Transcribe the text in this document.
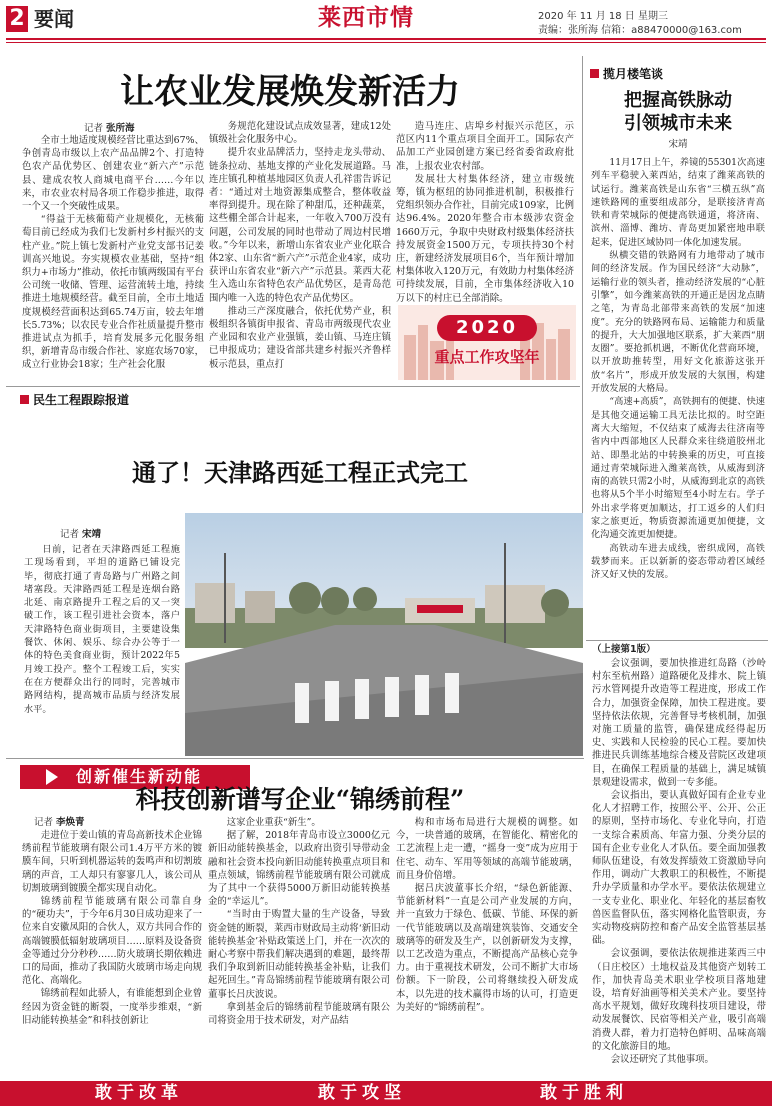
2 要闻	莱西市情	2020 年 11 月 18 日 星期三
责编：张所海 信箱：a88470000@163.com
让农业发展焕发新活力
记者 张所海

全市土地适度规模经营比重达到67%、争创青岛市级以上农产品品牌2个、打造特色农产品优势区、创建农业“新六产”示范县、建成农牧人商城电商平台……今年以来，市农业农村局各项工作稳步推进，取得一个又一个突破性成果。

“得益于无核葡萄产业规模化，无核葡萄目前已经成为我们七发新村乡村振兴的支柱产业。”院上镇七发新村产业党支部书记姜训高兴地说。夯实规模农业基础，坚持“组织力+市场力”推动，依托市镇两级国有平台公司统一收储、管理、运营流转土地，持续推进土地规模经营。截至目前，全市土地适度规模经营面积达到65.74万亩，较去年增长5.73%；以农民专业合作社质量提升整市推进试点为抓手，培育发展多元化服务组织，新增青岛市级合作社、家庭农场70家，成立行业协会18家；生产社会化服

务规范化建设试点成效显著，建成12处镇级社会化服务中心。

提升农业品牌活力，坚持走龙头带动、链条拉动、基地支撑的产业化发展道路。马连庄镇孔种植基地园区负责人孔祥雷告诉记者：“通过对土地资源集成整合，整体收益率得到提升。现在除了种甜瓜，还种蔬菜，这些棚全部合计起来，一年收入700万没有问题，公司发展的同时也带动了周边村民增收。”今年以来，新增山东省农业产业化联合体2家、山东省“新六产”示范企业4家，成功获评山东省农业“新六产”示范县。莱西大花生入选山东省特色农产品优势区，是青岛范围内唯一入选的特色农产品优势区。

推动三产深度融合，依托优势产业，积极组织各镇街申报省、青岛市两级现代农业产业园和农业产业强镇，姜山镇、马连庄镇已申报成功；建设省部共建乡村振兴齐鲁样板示范县，重点打

造马连庄、店埠乡村振兴示范区，示范区内11个重点项目全面开工。国际农产品加工产业园创建方案已经省委省政府批准，上报农业农村部。

发展壮大村集体经济，建立市级统筹，镇为枢纽的协同推进机制，积极推行党组织领办合作社，目前完成109家，比例达96.4%。2020年整合市本级涉农资金1660万元，争取中央财政村级集体经济扶持发展资金1500万元，专项扶持30个村庄，新建经济发展项目6个，当年预计增加村集体收入120万元，有效助力村集体经济可持续发展，目前，全市集体经济收入10万以下的村庄已全部消除。

2020
重点工作攻坚年
揽月楼笔谈
把握高铁脉动
引领城市未来
宋靖

11月17日上午，养镜的55301次高速列车平稳驶入莱西站，结束了潍莱高铁的试运行。潍莱高铁是山东省“三横五纵”高速铁路网的重要组成部分，是联接济青高铁和青荣城际的便捷高铁通道，将济南、滨州、淄博、潍坊、青岛更加紧密地串联起来，促进区域协同一体化加速发展。

纵横交错的铁路网有力地带动了城市间的经济发展。作为国民经济“大动脉”，运输行业的领头者，推动经济发展的“心脏引擎”，如今潍莱高铁的开通正是因龙点睛之笔，为青岛北部带来高铁的发展“加速度”。充分的铁路网布局、运输能力和质量的提升，大大加强地区联系，扩大莱西“朋友圈”。要抢抓机遇，不断优化营商环境，以开放助推转型，用好文化旅游这张开放“名片”，形成开放发展的大氛围，构建开放发展的大格局。

“高速+高质”，高铁拥有的便捷、快速是其他交通运输工具无法比拟的。时空距离大大缩短，不仅结束了威海去往济南等省内中西部地区人民群众来往绕道胶州北站、即墨北站的中转换乘的历史，可直接通过青荣城际进入潍莱高铁，从威海到济南的高铁只需2小时，从威海到北京的高铁也将从5个半小时缩短至4小时左右。学子外出求学将更加顺达，打工返乡的人们归家之旅更近，物质资源流通更加便捷，文化沟通交流更加便捷。

高铁动车进去成线，密织成网，高铁载梦而来。正以新新的姿态带动着区域经济又好又快的发展。

（上接第1版）

会议强调，要加快推进红岛路（沙岭村东至杭州路）道路硬化及排水、院上镇污水管网提升改造等工程进度，形成工作合力，加强资金保障，加快工程进度。要坚持依法依规，完善督导考核机制，加强对施工质量的监管，确保建成经得起历史、实践和人民检验的民心工程。要加快推进民兵训练基地综合楼及营院区改建项目，在确保工程质量的基础上，满足城镇景观建设需求，做到一专多能。

会议指出，要认真做好国有企业专业化人才招聘工作，按照公平、公开、公正的原则，坚持市场化、专业化导向，打造一支综合素质高、年富力强、分类分层的国有企业专业化人才队伍。要全面加强教师队伍建设，有效发挥绩效工资激励导向作用，调动广大教职工的积极性，不断提升办学质量和办学水平。要依法依规建立一支专业化、职业化、年轻化的基层畜牧兽医监督队伍，落实网格化监管职责，夯实动物疫病防控和畜产品安全监管基层基础。

会议强调，要依法依规推进莱西三中（日庄校区）土地权益及其他资产划转工作，加快青岛美术职业学校项目落地建设，培育好油画等相关美术产业。要坚持高水平规划，做好玫瑰科技项目建设，带动发展餐饮、民宿等相关产业，吸引高端消费人群，着力打造特色鲜明、品味高端的文化旅游目的地。

会议还研究了其他事项。

民生工程跟踪报道
通了！天津路西延工程正式完工
记者 宋靖

日前，记者在天津路西延工程施工现场看到，平坦的道路已铺设完毕，彻底打通了青岛路与广州路之间堵塞段。天津路西延工程是连烟台路北延、南京路提升工程之后的又一突破工作，该工程引进社会资本，落户天津路特色商业街项目，主要建设集餐饮、休闲、娱乐、综合办公等于一体的特色美食商业街，预计2022年5月竣工投产。整个工程竣工后，实实在在方便群众出行的同时，完善城市路网结构，提高城市品质与经济发展水平。

创新催生新动能
科技创新谱写企业“锦绣前程”
记者 李焕青

走进位于姜山镇的青岛高新技术企业锦绣前程节能玻璃有限公司1.4万平方米的镀膜车间，只听到机器运转的轰鸣声和切割玻璃的声音，工人却只有寥寥几人，该公司从切割玻璃到镀膜全都实现自动化。

锦绣前程节能玻璃有限公司靠自身的“硬功夫”，于今年6月30日成功迎来了一位来自安徽凤阳的合伙人，双方共同合作的高端镀膜低辐射玻璃项目……原料及设备资金等通过分分秒秒……防火玻璃长期依赖进口的局面，推动了我国防火玻璃市场走向规范化、高端化。

锦绣前程如此骄人，有谁能想到企业曾经因为资金链的断裂，一度举步维艰，“新旧动能转换基金”和科技创新让

这家企业重获“新生”。

据了解，2018年青岛市设立3000亿元新旧动能转换基金，以政府出资引导带动金融和社会资本投向新旧动能转换重点项目和重点领域，锦绣前程节能玻璃有限公司就成为了其中一个获得5000万新旧动能转换基金的“幸运儿”。

“当时由于购置大量的生产设备，导致资金链的断裂，莱西市财政局主动将‘新旧动能转换基金’补贴政策送上门，并在一次次的耐心考察中帮我们解决遇到的难题，最终帮我们争取到新旧动能转换基金补贴，让我们起死回生。”青岛锦绣前程节能玻璃有限公司董事长吕庆波说。

拿到基金后的锦绣前程节能玻璃有限公司将资金用于技术研发，对产品结

构和市场布局进行大规模的调整。如今，一块普通的玻璃，在智能化、精密化的工艺流程上走一遭，“摇身一变”成为应用于住宅、动车、军用等领域的高端节能玻璃，而且身价倍增。

据吕庆波董事长介绍，“绿色新能源、节能新材料”一直是公司产业发展的方向，并一直致力于绿色、低碳、节能、环保的新一代节能玻璃以及高端建筑装饰、交通安全玻璃等的研发及生产，以创新研发为支撑，以工艺改造为重点，不断提高产品核心竞争力。由于重视技术研发，公司不断扩大市场份额。下一阶段，公司将继续投入研发成本，以先进的技术赢得市场的认可，打造更为美好的“锦绣前程”。

敢于改革	敢于攻坚	敢于胜利
